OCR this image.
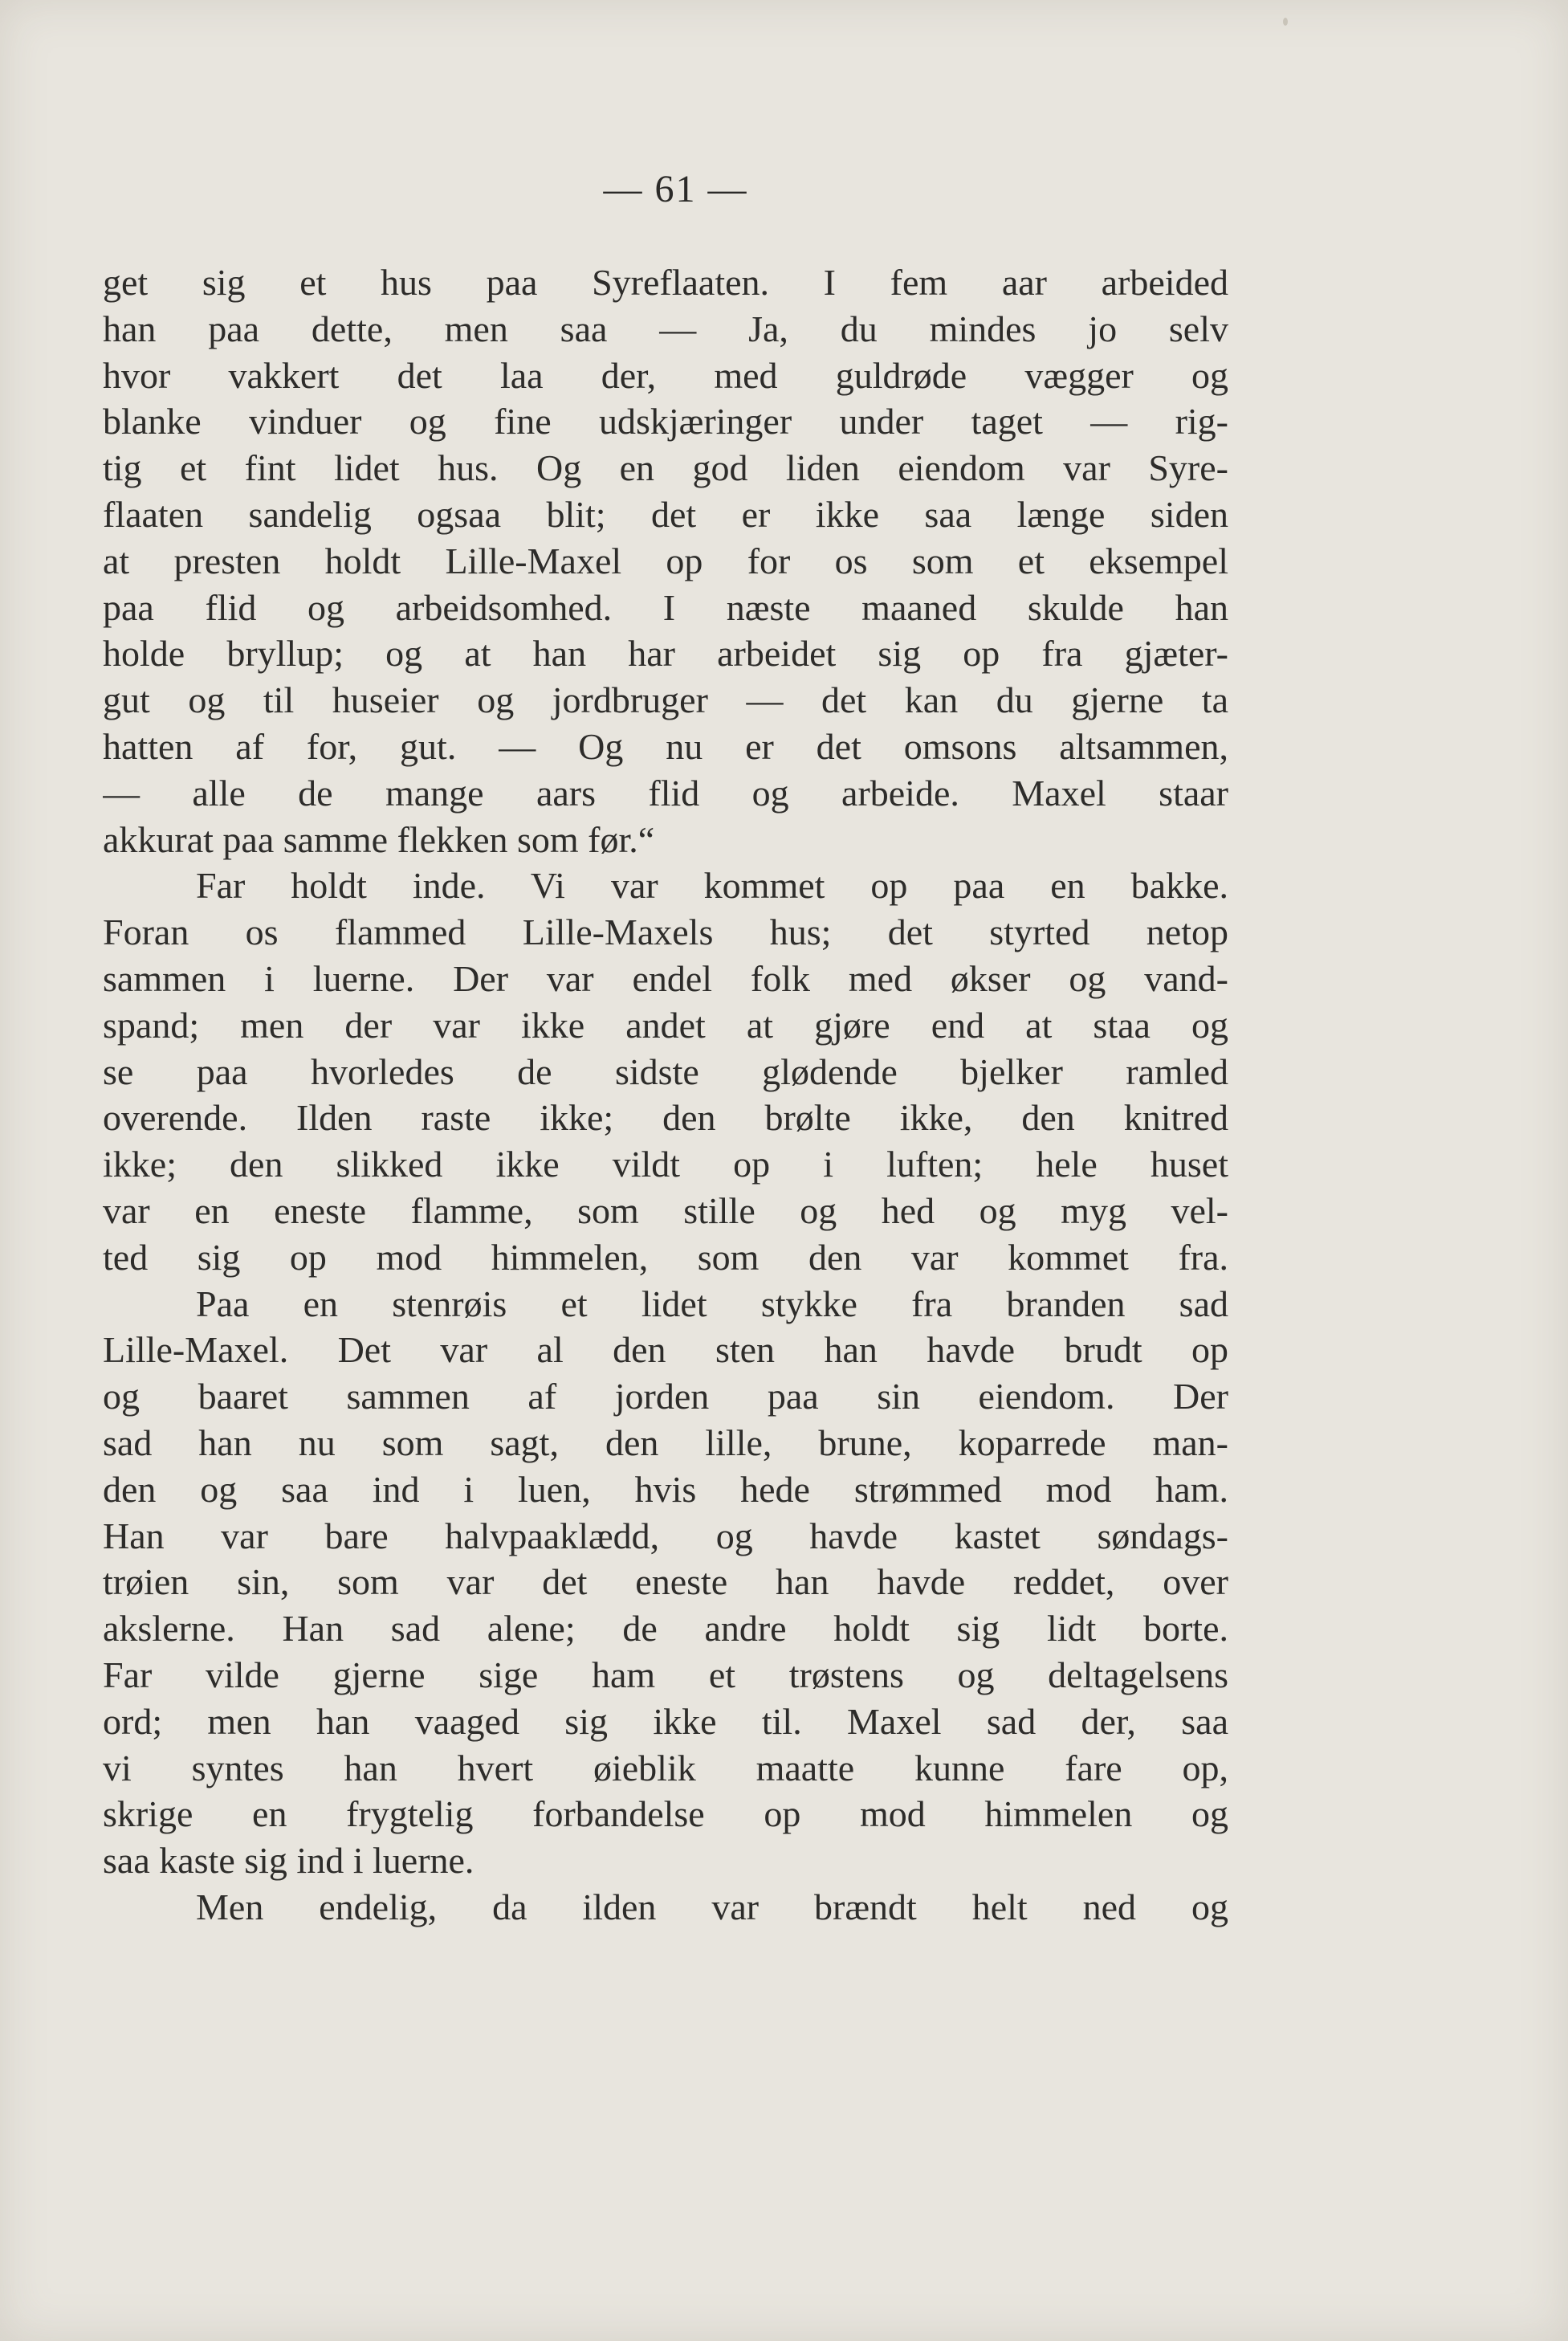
— 61 —
get sig et hus paa Syreflaaten. I fem aar arbeided
han paa dette, men saa — Ja, du mindes jo selv
hvor vakkert det laa der, med guldrøde vægger og
blanke vinduer og fine udskjæringer under taget — rig-
tig et fint lidet hus. Og en god liden eiendom var Syre-
flaaten sandelig ogsaa blit; det er ikke saa længe siden
at presten holdt Lille-Maxel op for os som et eksempel
paa flid og arbeidsomhed. I næste maaned skulde han
holde bryllup; og at han har arbeidet sig op fra gjæter-
gut og til huseier og jordbruger — det kan du gjerne ta
hatten af for, gut. — Og nu er det omsons altsammen,
— alle de mange aars flid og arbeide. Maxel staar
akkurat paa samme flekken som før.“
Far holdt inde. Vi var kommet op paa en bakke.
Foran os flammed Lille-Maxels hus; det styrted netop
sammen i luerne. Der var endel folk med økser og vand-
spand; men der var ikke andet at gjøre end at staa og
se paa hvorledes de sidste glødende bjelker ramled
overende. Ilden raste ikke; den brølte ikke, den knitred
ikke; den slikked ikke vildt op i luften; hele huset
var en eneste flamme, som stille og hed og myg vel-
ted sig op mod himmelen, som den var kommet fra.
Paa en stenrøis et lidet stykke fra branden sad
Lille-Maxel. Det var al den sten han havde brudt op
og baaret sammen af jorden paa sin eiendom. Der
sad han nu som sagt, den lille, brune, koparrede man-
den og saa ind i luen, hvis hede strømmed mod ham.
Han var bare halvpaaklædd, og havde kastet søndags-
trøien sin, som var det eneste han havde reddet, over
akslerne. Han sad alene; de andre holdt sig lidt borte.
Far vilde gjerne sige ham et trøstens og deltagelsens
ord; men han vaaged sig ikke til. Maxel sad der, saa
vi syntes han hvert øieblik maatte kunne fare op,
skrige en frygtelig forbandelse op mod himmelen og
saa kaste sig ind i luerne.
Men endelig, da ilden var brændt helt ned og
